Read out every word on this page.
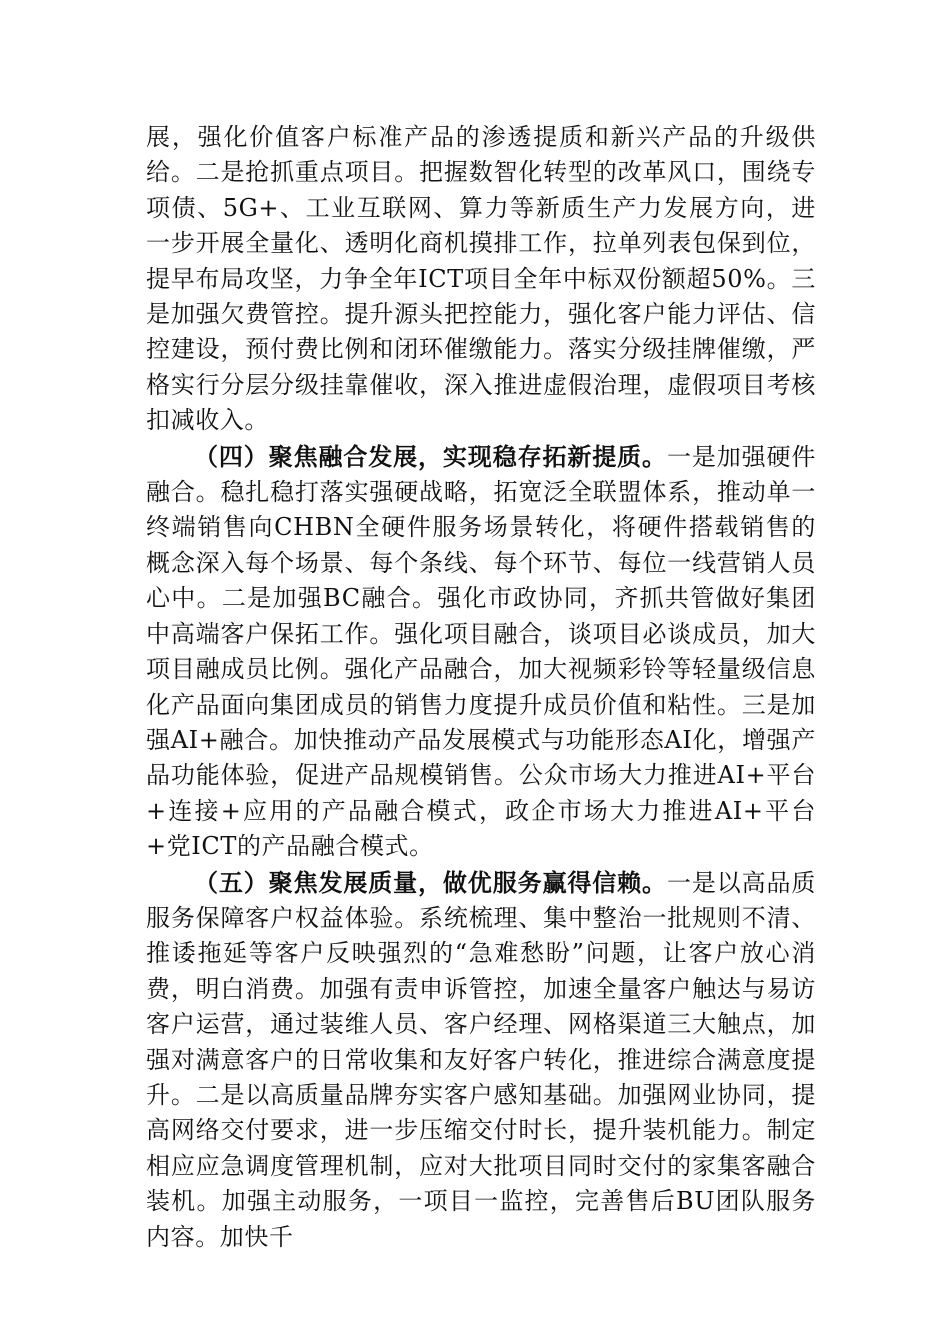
展，强化价值客户标准产品的渗透提质和新兴产品的升级供给。二是抢抓重点项目。把握数智化转型的改革风口，围绕专项债、5G+、工业互联网、算力等新质生产力发展方向，进一步开展全量化、透明化商机摸排工作，拉单列表包保到位，提早布局攻坚，力争全年ICT项目全年中标双份额超50%。三是加强欠费管控。提升源头把控能力，强化客户能力评估、信控建设，预付费比例和闭环催缴能力。落实分级挂牌催缴，严格实行分层分级挂靠催收，深入推进虚假治理，虚假项目考核扣减收入。

（四）聚焦融合发展，实现稳存拓新提质。一是加强硬件融合。稳扎稳打落实强硬战略，拓宽泛全联盟体系，推动单一终端销售向CHBN全硬件服务场景转化，将硬件搭载销售的概念深入每个场景、每个条线、每个环节、每位一线营销人员心中。二是加强BC融合。强化市政协同，齐抓共管做好集团中高端客户保拓工作。强化项目融合，谈项目必谈成员，加大项目融成员比例。强化产品融合，加大视频彩铃等轻量级信息化产品面向集团成员的销售力度提升成员价值和粘性。三是加强AI+融合。加快推动产品发展模式与功能形态AI化，增强产品功能体验，促进产品规模销售。公众市场大力推进AI+平台+连接+应用的产品融合模式，政企市场大力推进AI+平台+党ICT的产品融合模式。

（五）聚焦发展质量，做优服务赢得信赖。一是以高品质服务保障客户权益体验。系统梳理、集中整治一批规则不清、推诿拖延等客户反映强烈的“急难愁盼”问题，让客户放心消费，明白消费。加强有责申诉管控，加速全量客户触达与易访客户运营，通过装维人员、客户经理、网格渠道三大触点，加强对满意客户的日常收集和友好客户转化，推进综合满意度提升。二是以高质量品牌夯实客户感知基础。加强网业协同，提高网络交付要求，进一步压缩交付时长，提升装机能力。制定相应应急调度管理机制，应对大批项目同时交付的家集客融合装机。加强主动服务，一项目一监控，完善售后BU团队服务内容。加快千
